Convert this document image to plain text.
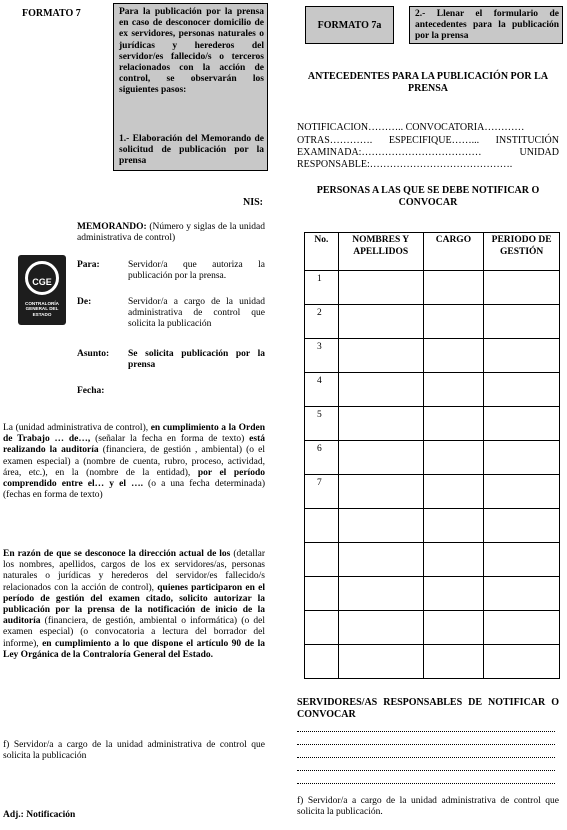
FORMATO 7	Para la publicación por la prensa en caso de desconocer domicilio de ex servidores, personas naturales o jurídicas y herederos del servidor/es fallecido/s o terceros relacionados con la acción de control, se observarán los siguientes pasos:
1.- Elaboración del Memorando de solicitud de publicación por la prensa
NIS:
MEMORANDO: (Número y siglas de la unidad administrativa de control)
CGE
CONTRALORÍA GENERAL DEL ESTADO
Para:	Servidor/a que autoriza la publicación por la prensa.
De:	Servidor/a a cargo de la unidad administrativa de control que solicita la publicación
Asunto: Se solicita publicación por la prensa
Fecha:
La (unidad administrativa de control), en cumplimiento a la Orden de Trabajo … de…, (señalar la fecha en forma de texto) está realizando la auditoría (financiera, de gestión , ambiental) (o el examen especial) a (nombre de cuenta, rubro, proceso, actividad, área, etc.), en la (nombre de la entidad), por el período comprendido entre el… y el …. (o a una fecha determinada) (fechas en forma de texto)
En razón de que se desconoce la dirección actual de los (detallar los nombres, apellidos, cargos de los ex servidores/as, personas naturales o jurídicas y herederos del servidor/es fallecido/s relacionados con la acción de control), quienes participaron en el período de gestión del examen citado, solicito autorizar la publicación por la prensa de la notificación de inicio de la auditoría (financiera, de gestión, ambiental o informática) (o del examen especial) (o convocatoria a lectura del borrador del informe), en cumplimiento a lo que dispone el artículo 90 de la Ley Orgánica de la Contraloría General del Estado.
f) Servidor/a a cargo de la unidad administrativa de control que solicita la publicación
Adj.: Notificación
FORMATO 7a
2.- Llenar el formulario de antecedentes para la publicación por la prensa
ANTECEDENTES PARA LA PUBLICACIÓN POR LA PRENSA
NOTIFICACIÓN……….. CONVOCATORIA…………
OTRAS…………. ESPECIFIQUE……... INSTITUCIÓN EXAMINADA:……………………………… UNIDAD RESPONSABLE:…………………………………….
PERSONAS A LAS QUE SE DEBE NOTIFICAR O CONVOCAR
No.	NOMBRES Y APELLIDOS	CARGO	PERIODO DE GESTIÓN
1			
2			
3			
4			
5			
6			
7			

SERVIDORES/AS RESPONSABLES DE NOTIFICAR O CONVOCAR
f) Servidor/a a cargo de la unidad administrativa de control que solicita la publicación.
